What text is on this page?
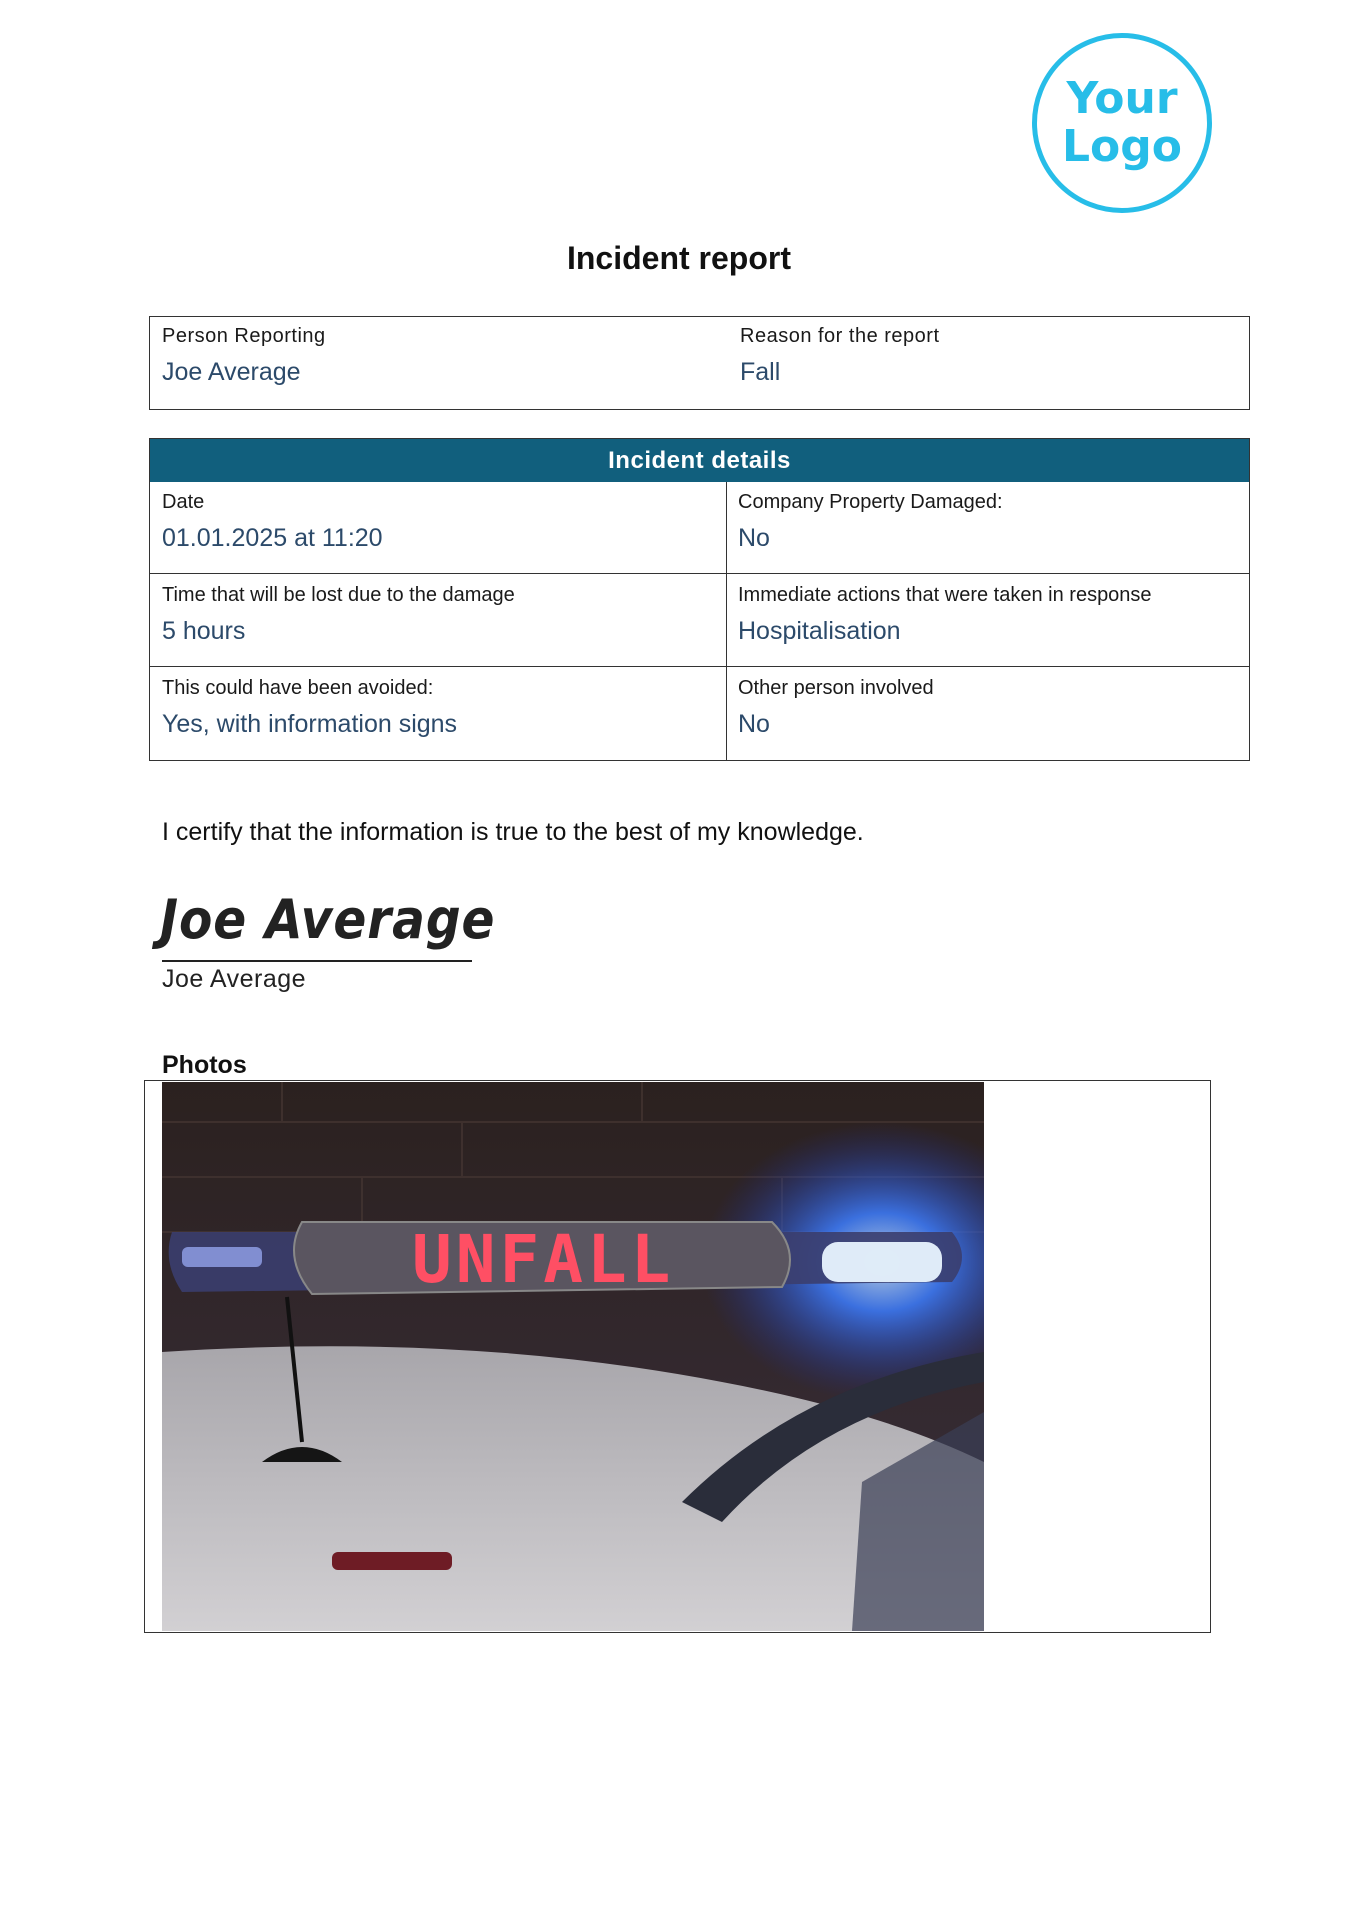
Your
Logo
Incident report
Person Reporting
Joe Average
Reason for the report
Fall
Incident details
Date
01.01.2025 at 11:20
Company Property Damaged:
No
Time that will be lost due to the damage
5 hours
Immediate actions that were taken in response
Hospitalisation
This could have been avoided:
Yes, with information signs
Other person involved
No
I certify that the information is true to the best of my knowledge.
Joe Average
Joe Average
Photos
UNFALL
